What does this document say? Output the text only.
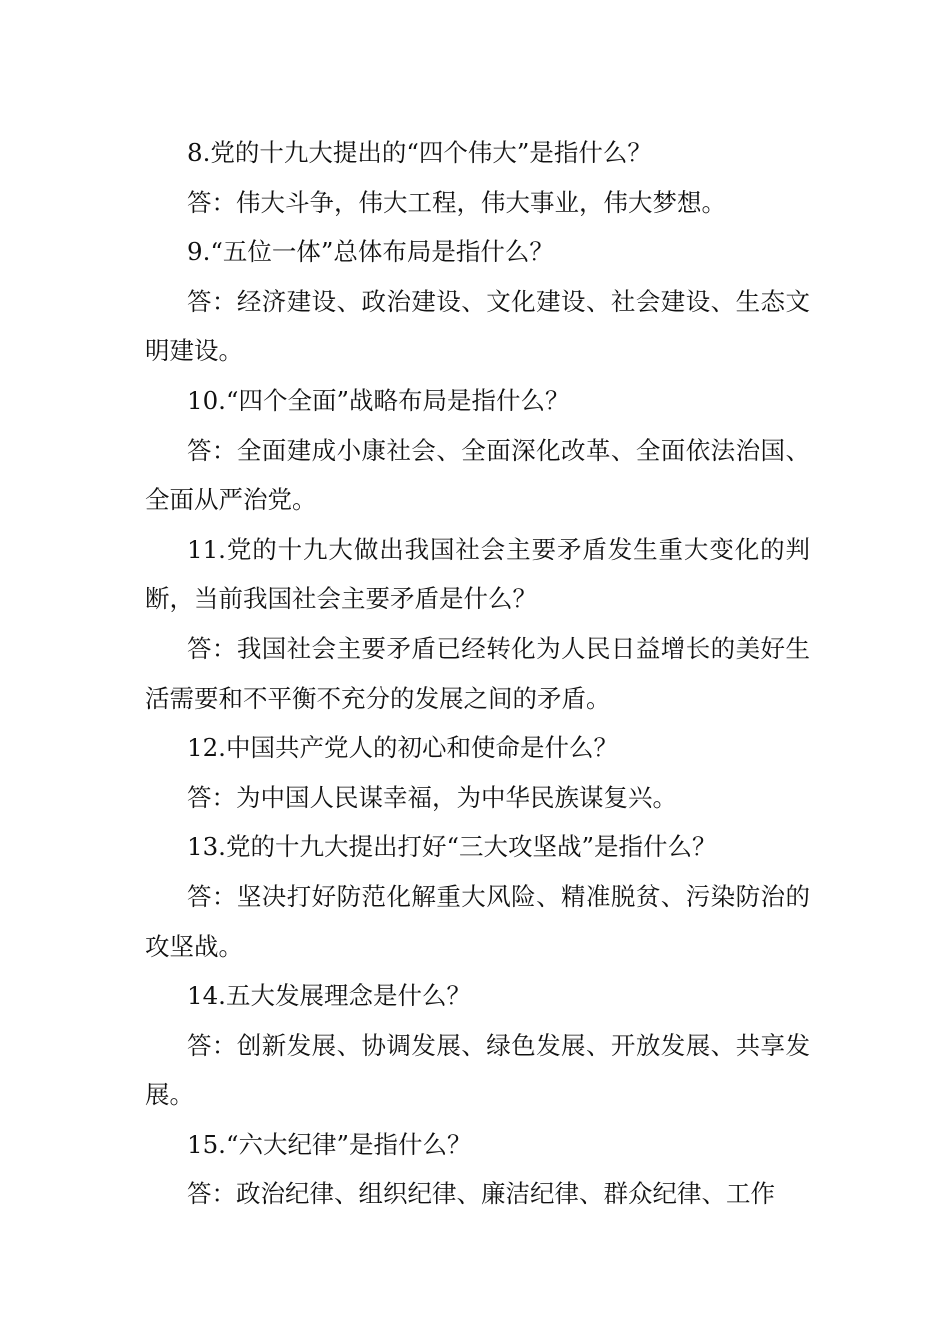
8.党的十九大提出的“四个伟大”是指什么？

答：伟大斗争，伟大工程，伟大事业，伟大梦想。

9.“五位一体”总体布局是指什么？

答：经济建设、政治建设、文化建设、社会建设、生态文明建设。

10.“四个全面”战略布局是指什么？

答：全面建成小康社会、全面深化改革、全面依法治国、全面从严治党。

11.党的十九大做出我国社会主要矛盾发生重大变化的判断，当前我国社会主要矛盾是什么？

答：我国社会主要矛盾已经转化为人民日益增长的美好生活需要和不平衡不充分的发展之间的矛盾。

12.中国共产党人的初心和使命是什么？

答：为中国人民谋幸福，为中华民族谋复兴。

13.党的十九大提出打好“三大攻坚战”是指什么？

答：坚决打好防范化解重大风险、精准脱贫、污染防治的攻坚战。

14.五大发展理念是什么？

答：创新发展、协调发展、绿色发展、开放发展、共享发展。

15.“六大纪律”是指什么？

答：政治纪律、组织纪律、廉洁纪律、群众纪律、工作
